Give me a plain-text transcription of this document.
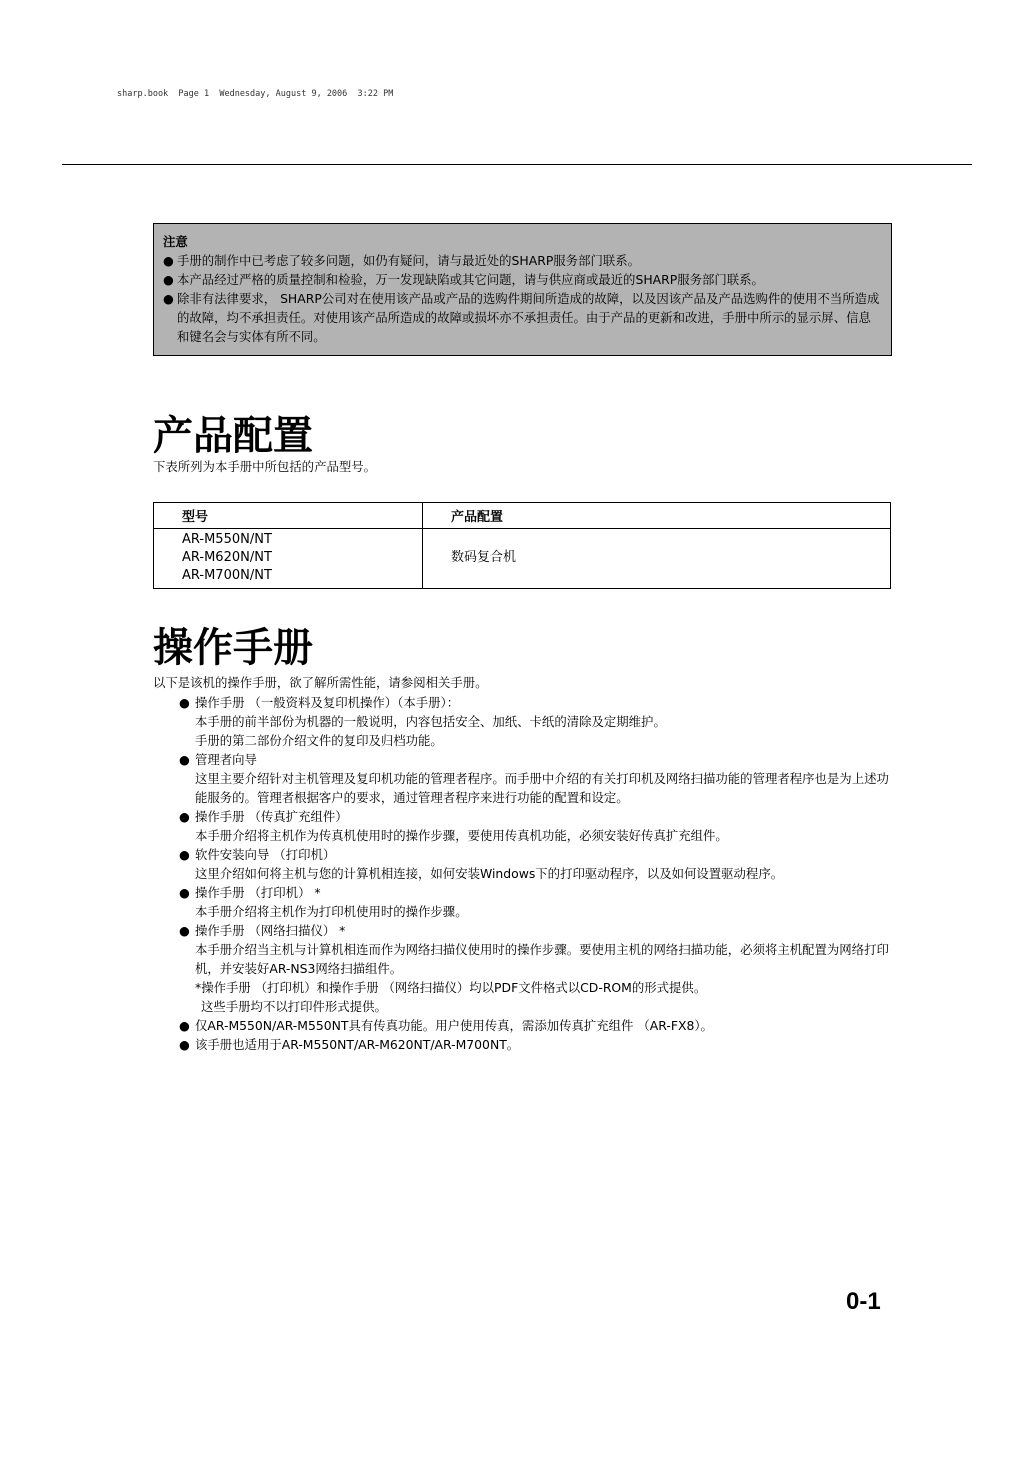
sharp.book  Page 1  Wednesday, August 9, 2006  3:22 PM
注意
● 手册的制作中已考虑了较多问题，如仍有疑问，请与最近处的SHARP服务部门联系。
● 本产品经过严格的质量控制和检验，万一发现缺陷或其它问题，请与供应商或最近的SHARP服务部门联系。
● 除非有法律要求， SHARP公司对在使用该产品或产品的选购件期间所造成的故障，以及因该产品及产品选购件的使用不当所造成的故障，均不承担责任。对使用该产品所造成的故障或损坏亦不承担责任。由于产品的更新和改进，手册中所示的显示屏、信息和键名会与实体有所不同。
产品配置
下表所列为本手册中所包括的产品型号。
型号	产品配置

AR-M550N/NT
AR-M620N/NT
AR-M700N/NT	数码复合机
操作手册
以下是该机的操作手册，欲了解所需性能，请参阅相关手册。
● 操作手册 （一般资料及复印机操作）（本手册）：
本手册的前半部份为机器的一般说明，内容包括安全、加纸、卡纸的清除及定期维护。
手册的第二部份介绍文件的复印及归档功能。
● 管理者向导
这里主要介绍针对主机管理及复印机功能的管理者程序。而手册中介绍的有关打印机及网络扫描功能的管理者程序也是为上述功能服务的。管理者根据客户的要求，通过管理者程序来进行功能的配置和设定。
● 操作手册 （传真扩充组件）
本手册介绍将主机作为传真机使用时的操作步骤，要使用传真机功能，必须安装好传真扩充组件。
● 软件安装向导 （打印机）
这里介绍如何将主机与您的计算机相连接，如何安装Windows下的打印驱动程序，以及如何设置驱动程序。
● 操作手册 （打印机） *
本手册介绍将主机作为打印机使用时的操作步骤。
● 操作手册 （网络扫描仪） *
本手册介绍当主机与计算机相连而作为网络扫描仪使用时的操作步骤。要使用主机的网络扫描功能，必须将主机配置为网络打印机，并安装好AR-NS3网络扫描组件。
*操作手册 （打印机）和操作手册 （网络扫描仪）均以PDF文件格式以CD-ROM的形式提供。
这些手册均不以打印件形式提供。
● 仅AR-M550N/AR-M550NT具有传真功能。用户使用传真，需添加传真扩充组件 （AR-FX8）。
● 该手册也适用于AR-M550NT/AR-M620NT/AR-M700NT。
0-1
